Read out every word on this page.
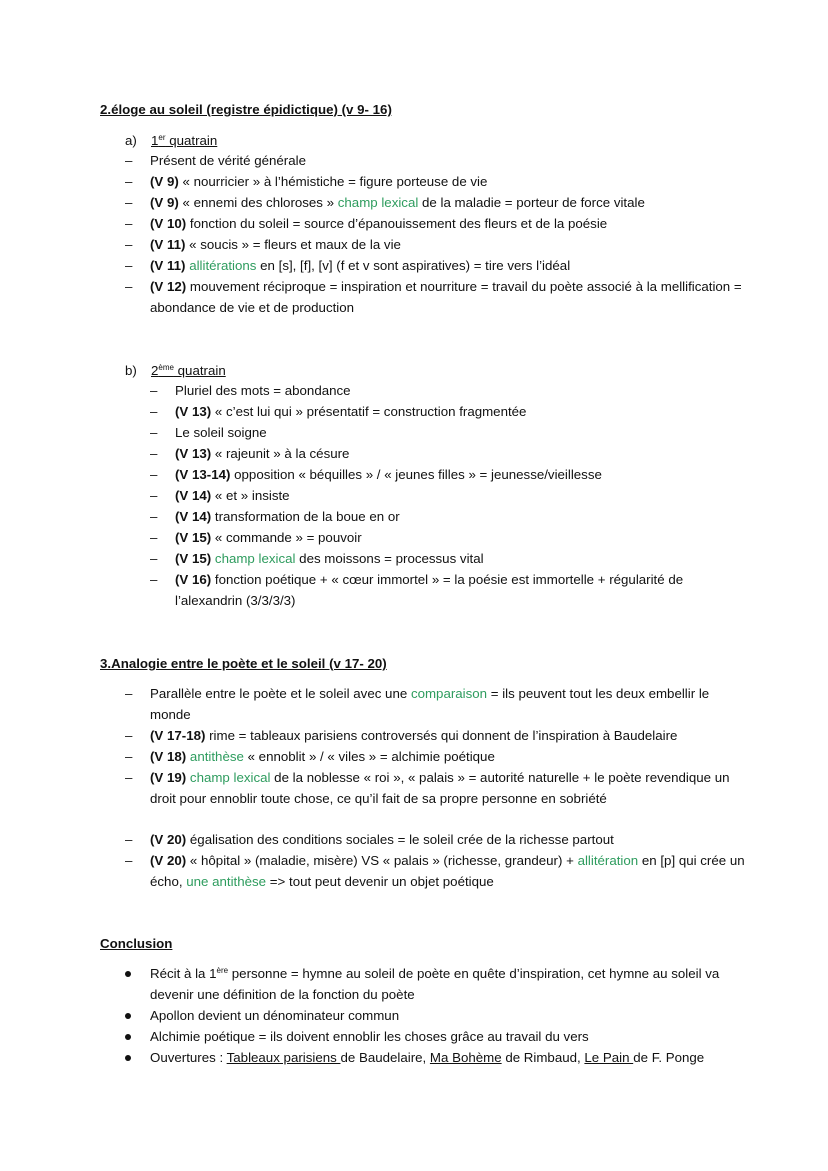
2.éloge au soleil (registre épidictique) (v 9- 16)
a) 1er quatrain
– Présent de vérité générale
– (V 9) « nourricier » à l’hémistiche = figure porteuse de vie
– (V 9) « ennemi des chloroses » champ lexical de la maladie = porteur de force vitale
– (V 10) fonction du soleil = source d’épanouissement des fleurs et de la poésie
– (V 11) « soucis » = fleurs et maux de la vie
– (V 11) allitérations en [s], [f], [v] (f et v sont aspiratives) = tire vers l’idéal
– (V 12) mouvement réciproque = inspiration et nourriture = travail du poète associé à la mellification = abondance de vie et de production
b) 2ème quatrain
– Pluriel des mots = abondance
– (V 13) « c’est lui qui » présentatif = construction fragmentée
– Le soleil soigne
– (V 13) « rajeunit » à la césure
– (V 13-14) opposition « béquilles » / « jeunes filles » = jeunesse/vieillesse
– (V 14) « et » insiste
– (V 14) transformation de la boue en or
– (V 15) « commande » = pouvoir
– (V 15) champ lexical des moissons = processus vital
– (V 16) fonction poétique + « cœur immortel » = la poésie est immortelle + régularité de l’alexandrin (3/3/3/3)
3.Analogie entre le poète et le soleil (v 17- 20)
– Parallèle entre le poète et le soleil avec une comparaison = ils peuvent tout les deux embellir le monde
– (V 17-18) rime = tableaux parisiens controversés qui donnent de l’inspiration à Baudelaire
– (V 18) antithèse « ennoblit » / « viles » = alchimie poétique
– (V 19) champ lexical de la noblesse « roi », « palais » = autorité naturelle + le poète revendique un droit pour ennoblir toute chose, ce qu’il fait de sa propre personne en sobriété
– (V 20) égalisation des conditions sociales = le soleil crée de la richesse partout
– (V 20) « hôpital » (maladie, misère) VS « palais » (richesse, grandeur) + allitération en [p] qui crée un écho, une antithèse => tout peut devenir un objet poétique
Conclusion
Récit à la 1ère personne = hymne au soleil de poète en quête d’inspiration, cet hymne au soleil va devenir une définition de la fonction du poète
Apollon devient un dénominateur commun
Alchimie poétique = ils doivent ennoblir les choses grâce au travail du vers
Ouvertures : Tableaux parisiens de Baudelaire, Ma Bohème de Rimbaud, Le Pain de F. Ponge
